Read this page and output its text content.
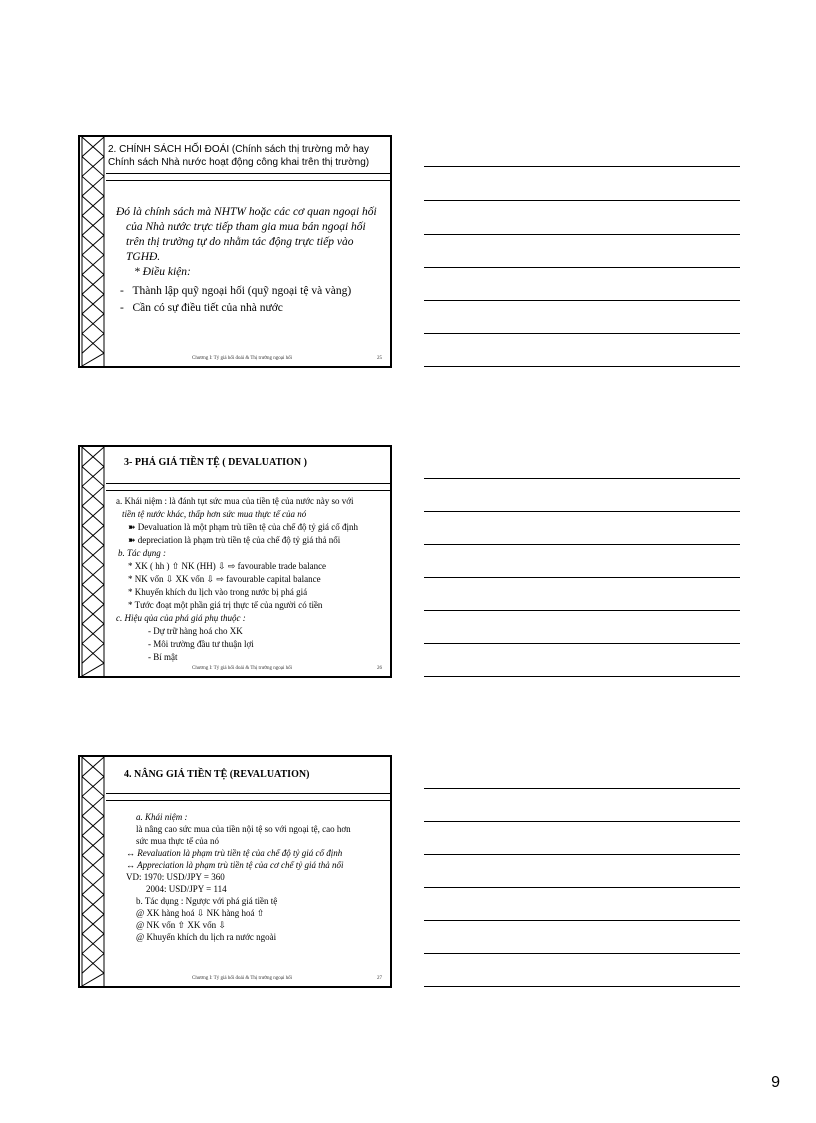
2. CHÍNH SÁCH HỐI ĐOÁI (Chính sách thị trường mở hay Chính sách Nhà nước hoạt động công khai trên thị trường)
Đó là chính sách mà NHTW hoặc các cơ quan ngoại hối
của Nhà nước trực tiếp tham gia mua bán ngoại hối
trên thị trường tự do nhằm tác động trực tiếp vào
TGHĐ.
* Điều kiện:
-   Thành lập quỹ ngoại hối (quỹ ngoại tệ và vàng)
-   Cần có sự điều tiết của nhà nước
Chương I: Tỷ giá hối đoái & Thị trường ngoại hối	25
3- PHÁ GIÁ TIỀN TỆ ( DEVALUATION )
a. Khái niệm : là đánh tụt sức mua của tiền tệ của nước này so với
tiền tệ nước khác, thấp hơn sức mua thực tế của nó
➽ Devaluation là một phạm trù tiền tệ của chế độ tỷ giá cố định
➽ depreciation là phạm trù tiền tệ của chế độ tỷ giá thả nổi
b. Tác dụng :
* XK ( hh ) ⇧ NK (HH) ⇩ ⇨ favourable trade balance
* NK vốn ⇩ XK vốn ⇩ ⇨ favourable capital balance
* Khuyến khích du lịch vào trong nước bị phá giá
* Tước đoạt một phần giá trị thực tế của người có tiền
c. Hiệu qủa của phá giá phụ thuộc :
- Dự trữ hàng hoá cho XK
- Môi trường đầu tư thuận lợi
- Bí mật
Chương I: Tỷ giá hối đoái & Thị trường ngoại hối	26
4. NÂNG GIÁ TIỀN TỆ (REVALUATION)
a. Khái niệm :
là nâng cao sức mua của tiền nội tệ so với ngoại tệ, cao hơn
sức mua thực tế của nó
↔ Revaluation là phạm trù tiền tệ của chế độ tỷ giá cố định
↔ Appreciation là phạm trù tiền tệ của cơ chế tỷ giá thả nổi
VD: 1970: USD/JPY = 360
2004: USD/JPY = 114
b. Tác dụng : Ngược với phá giá tiền tệ
@ XK hàng hoá ⇩ NK hàng hoá ⇧
@ NK vốn ⇧ XK vốn ⇩
@ Khuyến khích du lịch ra nước ngoài
Chương I: Tỷ giá hối đoái & Thị trường ngoại hối	27
9
